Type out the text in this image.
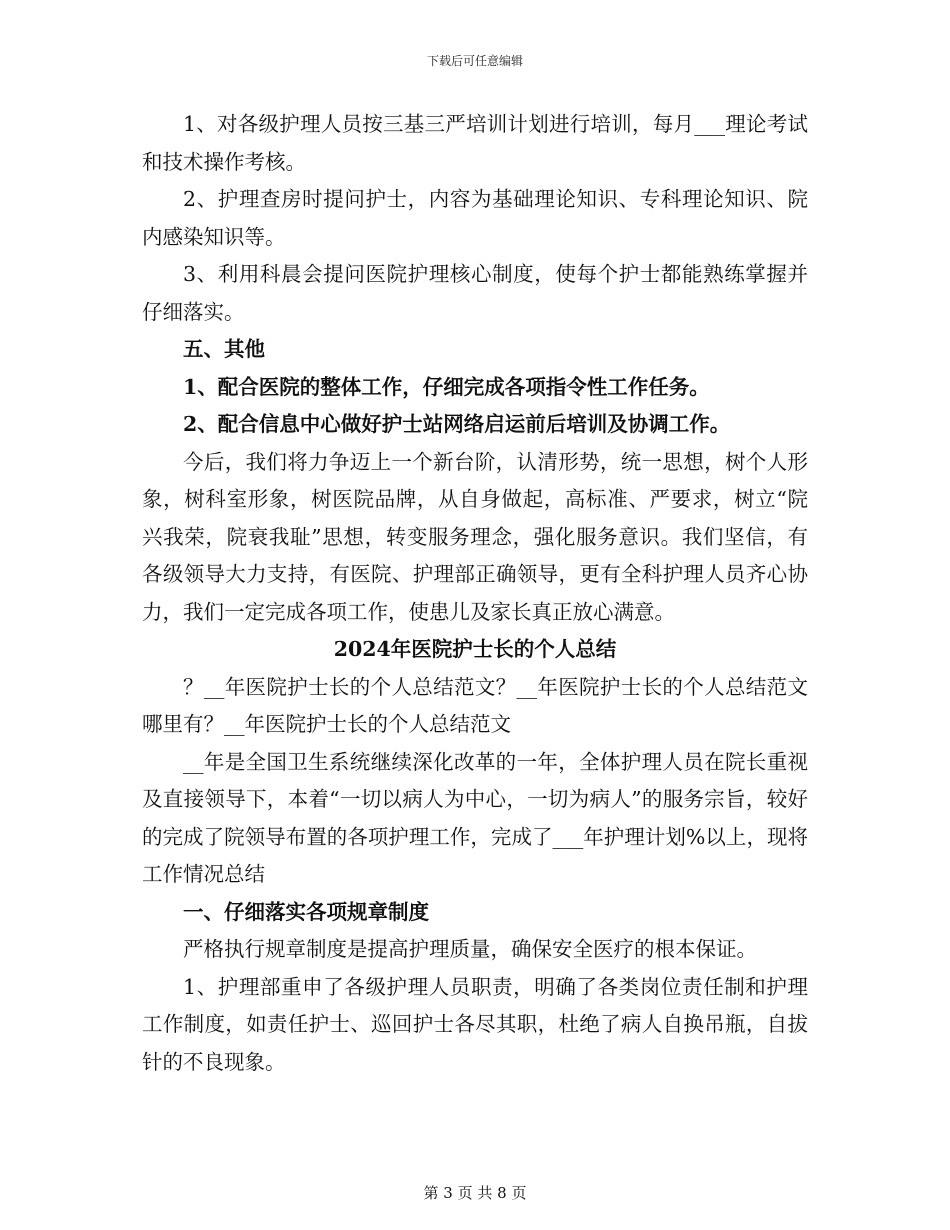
下载后可任意编辑

1、对各级护理人员按三基三严培训计划进行培训，每月___理论考试和技术操作考核。

2、护理查房时提问护士，内容为基础理论知识、专科理论知识、院内感染知识等。

3、利用科晨会提问医院护理核心制度，使每个护士都能熟练掌握并仔细落实。

五、其他

1、配合医院的整体工作，仔细完成各项指令性工作任务。

2、配合信息中心做好护士站网络启运前后培训及协调工作。

今后，我们将力争迈上一个新台阶，认清形势，统一思想，树个人形象，树科室形象，树医院品牌，从自身做起，高标准、严要求，树立“院兴我荣，院衰我耻”思想，转变服务理念，强化服务意识。我们坚信，有各级领导大力支持，有医院、护理部正确领导，更有全科护理人员齐心协力，我们一定完成各项工作，使患儿及家长真正放心满意。

2024年医院护士长的个人总结

？__年医院护士长的个人总结范文？__年医院护士长的个人总结范文哪里有？__年医院护士长的个人总结范文

__年是全国卫生系统继续深化改革的一年，全体护理人员在院长重视及直接领导下，本着“一切以病人为中心，一切为病人”的服务宗旨，较好的完成了院领导布置的各项护理工作，完成了___年护理计划%以上，现将工作情况总结

一、仔细落实各项规章制度

严格执行规章制度是提高护理质量，确保安全医疗的根本保证。

1、护理部重申了各级护理人员职责，明确了各类岗位责任制和护理工作制度，如责任护士、巡回护士各尽其职，杜绝了病人自换吊瓶，自拔针的不良现象。

第 3 页 共 8 页
